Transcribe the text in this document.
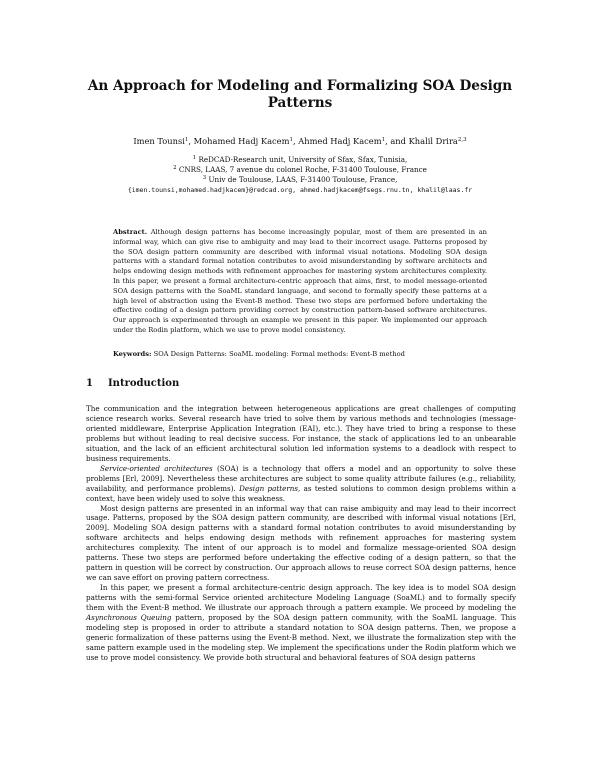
An Approach for Modeling and Formalizing SOA Design
Patterns
Imen Tounsi$^1$, Mohamed Hadj Kacem$^1$, Ahmed Hadj Kacem$^1$, and Khalil Drira$^{2,3}$
$^1$ ReDCAD-Research unit, University of Sfax, Sfax, Tunisia,
$^2$ CNRS, LAAS, 7 avenue du colonel Roche, F-31400 Toulouse, France
$^3$ Univ de Toulouse, LAAS, F-31400 Toulouse, France,
{imen.tounsi,mohamed.hadjkacem}@redcad.org, ahmed.hadjkacem@fsegs.rnu.tn, khalil@laas.fr
Abstract. Although design patterns has become increasingly popular, most of them are presented in an informal way, which can give rise to ambiguity and may lead to their incorrect usage. Patterns proposed by the SOA design pattern community are described with informal visual notations. Modeling SOA design patterns with a standard formal notation contributes to avoid misunderstanding by software architects and helps endowing design methods with refinement approaches for mastering system architectures complexity. In this paper, we present a formal architecture-centric approach that aims, first, to model message-oriented SOA design patterns with the SoaML standard language, and second to formally specify these patterns at a high level of abstraction using the Event-B method. These two steps are performed before undertaking the effective coding of a design pattern providing correct by construction pattern-based software architectures. Our approach is experimented through an example we present in this paper. We implemented our approach under the Rodin platform, which we use to prove model consistency.
Keywords: SOA Design Patterns: SoaML modeling: Formal methods: Event-B method
1 Introduction

The communication and the integration between heterogeneous applications are great challenges of computing science research works. Several research have tried to solve them by various methods and technologies (message-oriented middleware, Enterprise Application Integration (EAI), etc.). They have tried to bring a response to these problems but without leading to real decisive success. For instance, the stack of applications led to an unbearable situation, and the lack of an efficient architectural solution led information systems to a deadlock with respect to business requirements.

Service-oriented architectures (SOA) is a technology that offers a model and an opportunity to solve these problems [Erl, 2009]. Nevertheless these architectures are subject to some quality attribute failures (e.g., reliability, availability, and performance problems). Design patterns, as tested solutions to common design problems within a context, have been widely used to solve this weakness.

Most design patterns are presented in an informal way that can raise ambiguity and may lead to their incorrect usage. Patterns, proposed by the SOA design pattern community, are described with informal visual notations [Erl, 2009]. Modeling SOA design patterns with a standard formal notation contributes to avoid misunderstanding by software architects and helps endowing design methods with refinement approaches for mastering system architectures complexity. The intent of our approach is to model and formalize message-oriented SOA design patterns. These two steps are performed before undertaking the effective coding of a design pattern, so that the pattern in question will be correct by construction. Our approach allows to reuse correct SOA design patterns, hence we can save effort on proving pattern correctness.

In this paper, we present a formal architecture-centric design approach. The key idea is to model SOA design patterns with the semi-formal Service oriented architecture Modeling Language (SoaML) and to formally specify them with the Event-B method. We illustrate our approach through a pattern example. We proceed by modeling the Asynchronous Queuing pattern, proposed by the SOA design pattern community, with the SoaML language. This modeling step is proposed in order to attribute a standard notation to SOA design patterns. Then, we propose a generic formalization of these patterns using the Event-B method. Next, we illustrate the formalization step with the same pattern example used in the modeling step. We implement the specifications under the Rodin platform which we use to prove model consistency. We provide both structural and behavioral features of SOA design patterns
